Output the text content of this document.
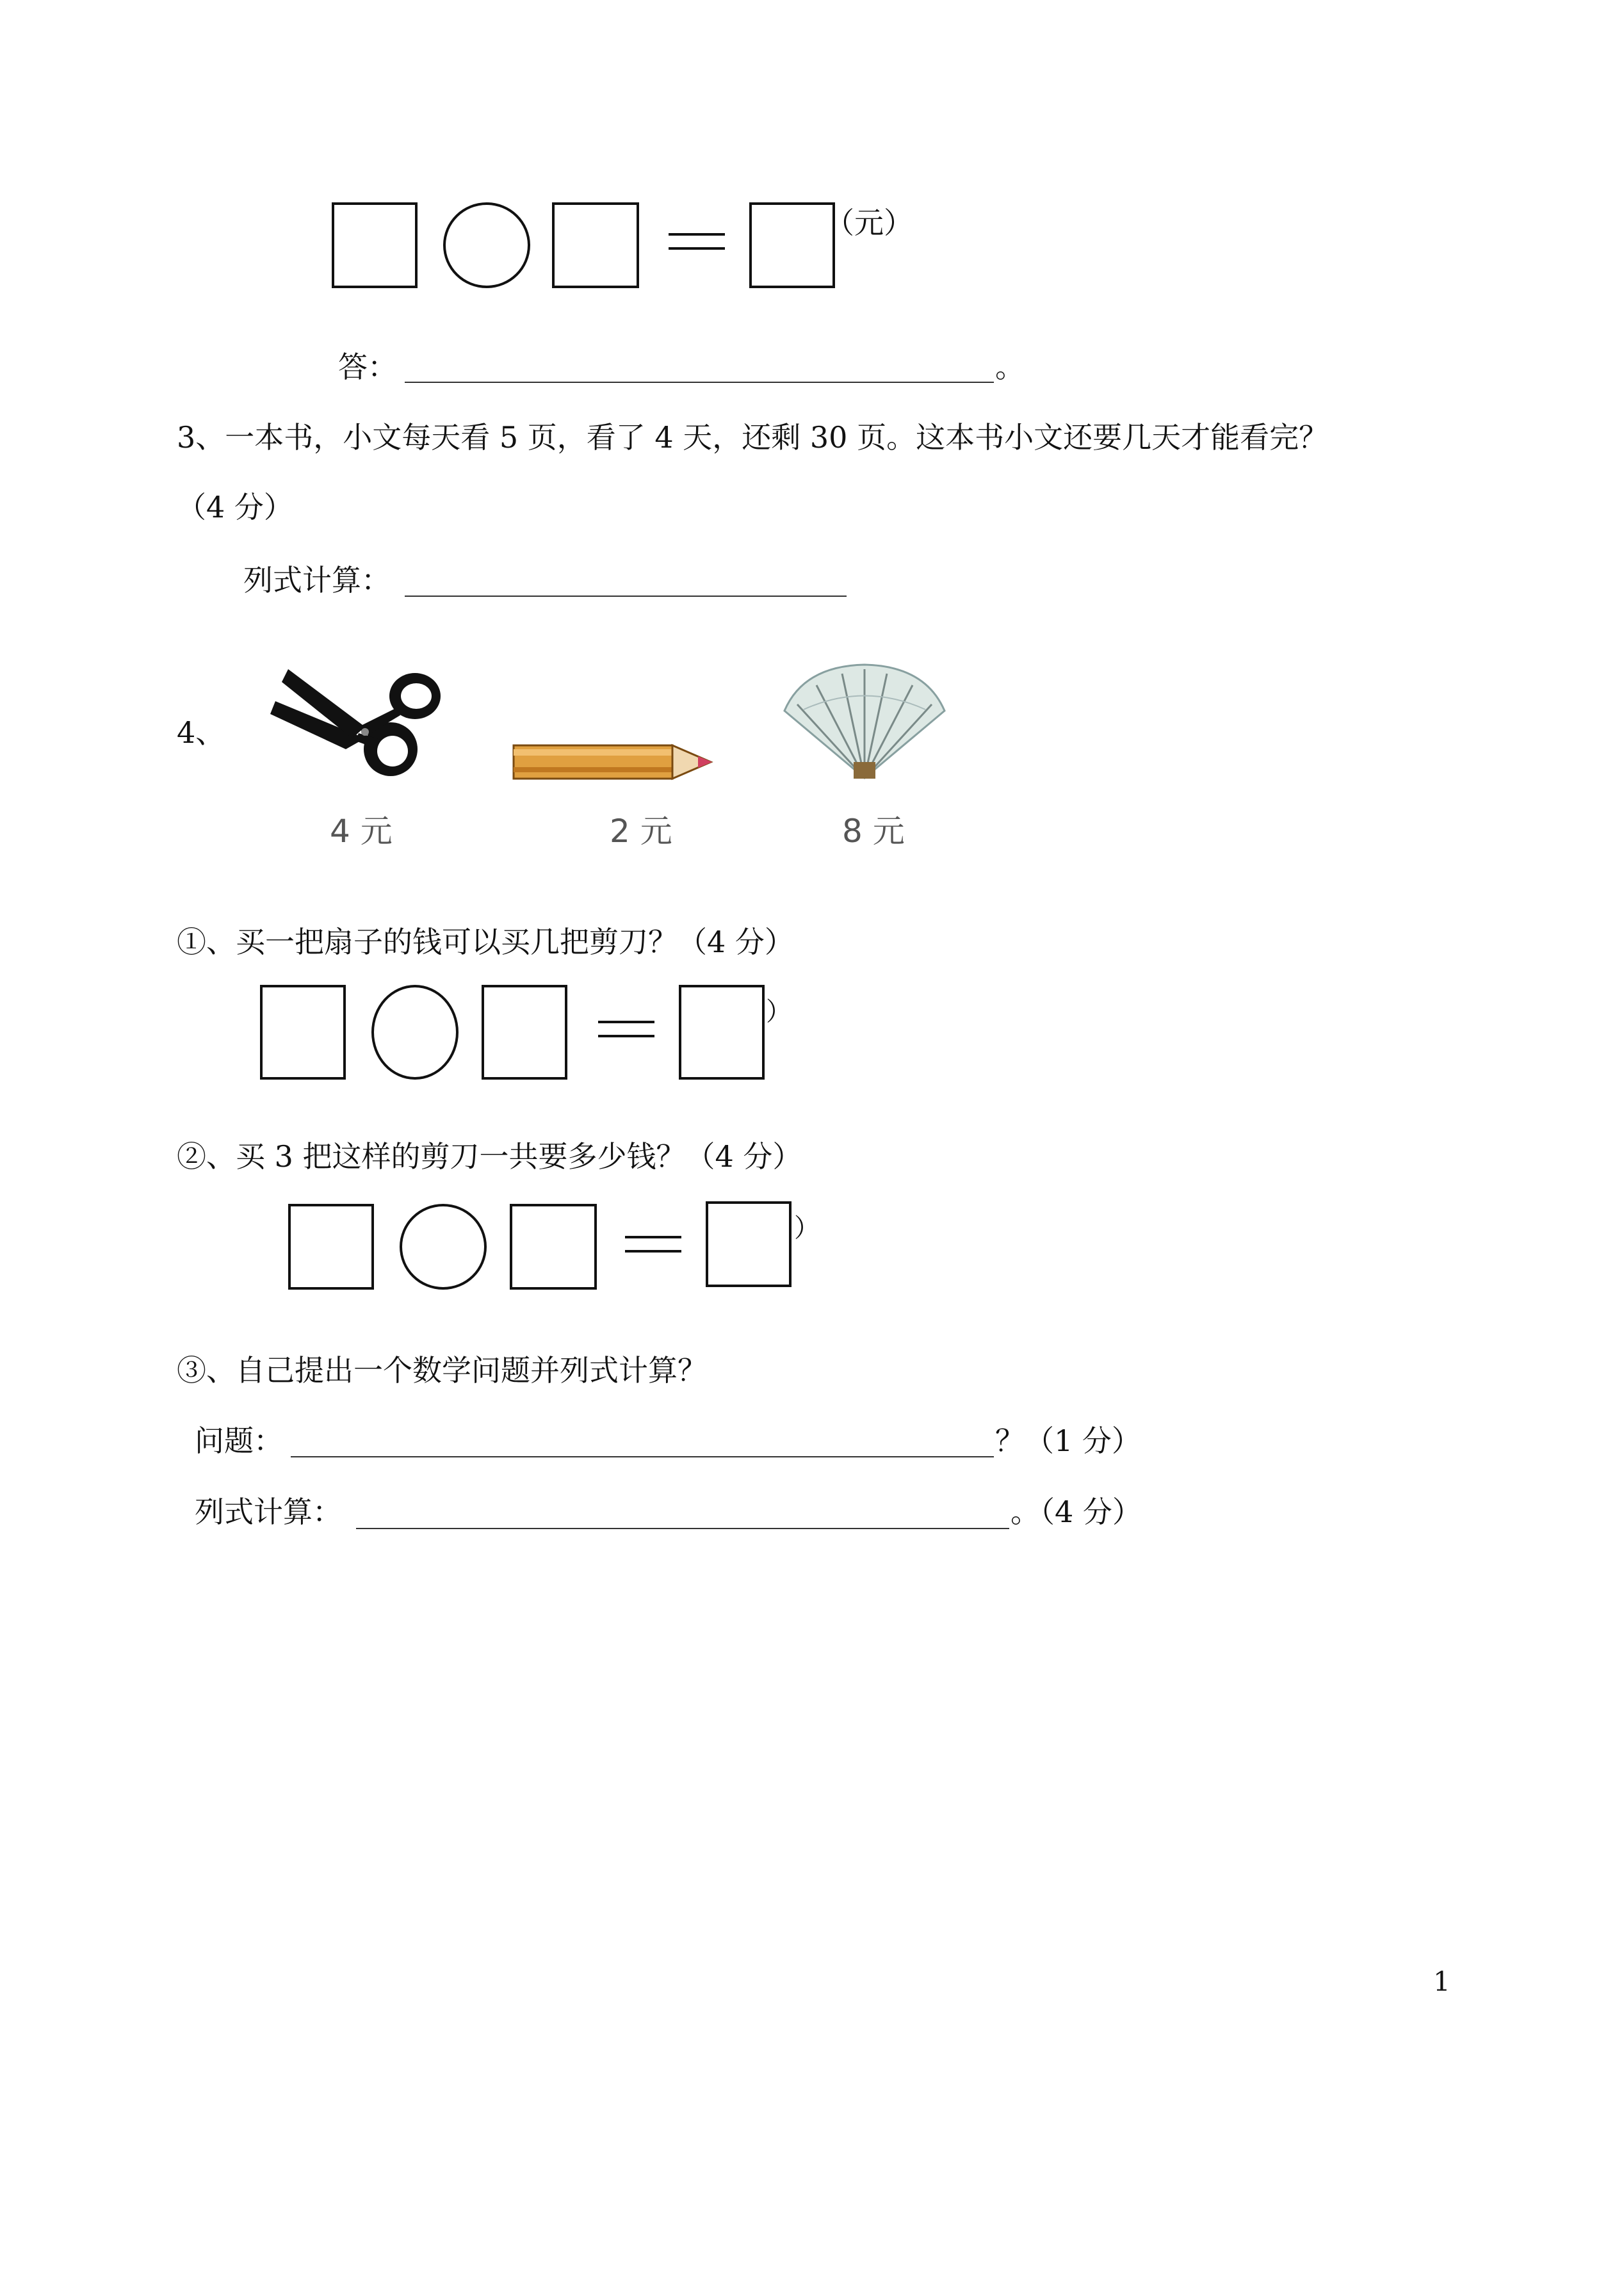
（元）
答：	。
3、一本书，小文每天看 5 页，看了 4 天，还剩 30 页。这本书小文还要几天才能看完？
（4 分）
列式计算：
4、
4 元	2 元	8 元
①、买一把扇子的钱可以买几把剪刀？（4 分）
）
②、买 3 把这样的剪刀一共要多少钱？（4 分）
）
③、自己提出一个数学问题并列式计算？
问题：	？（1 分）
列式计算：	。（4 分）
1
